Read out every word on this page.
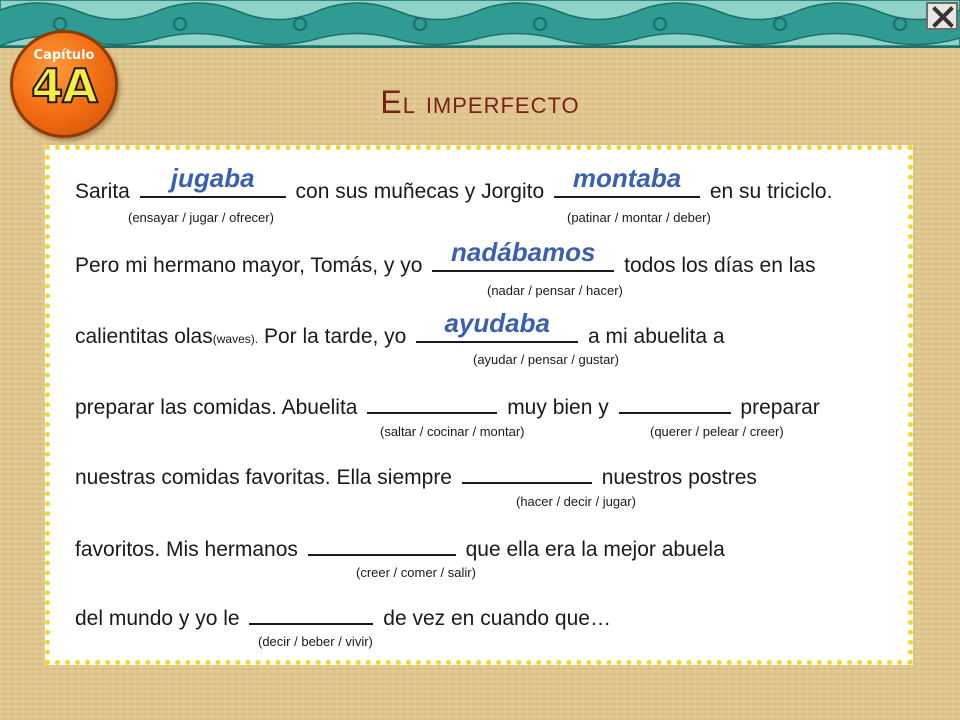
Capítulo
4A	El imperfecto
Sarita	jugaba	con sus muñecas y Jorgito	montaba	en su triciclo.
(ensayar / jugar / ofrecer)	(patinar / montar / deber)
Pero mi hermano mayor, Tomás, y yo	nadábamos	todos los días en las
(nadar / pensar / hacer)
calientitas olas(waves). Por la tarde, yo	ayudaba	a mi abuelita a
(ayudar / pensar / gustar)
preparar las comidas. Abuelita	muy bien y	preparar
(saltar / cocinar / montar)	(querer / pelear / creer)
nuestras comidas favoritas. Ella siempre	nuestros postres
(hacer / decir / jugar)
favoritos. Mis hermanos	que ella era la mejor abuela
(creer / comer / salir)
del mundo y yo le	de vez en cuando que…
(decir / beber / vivir)
